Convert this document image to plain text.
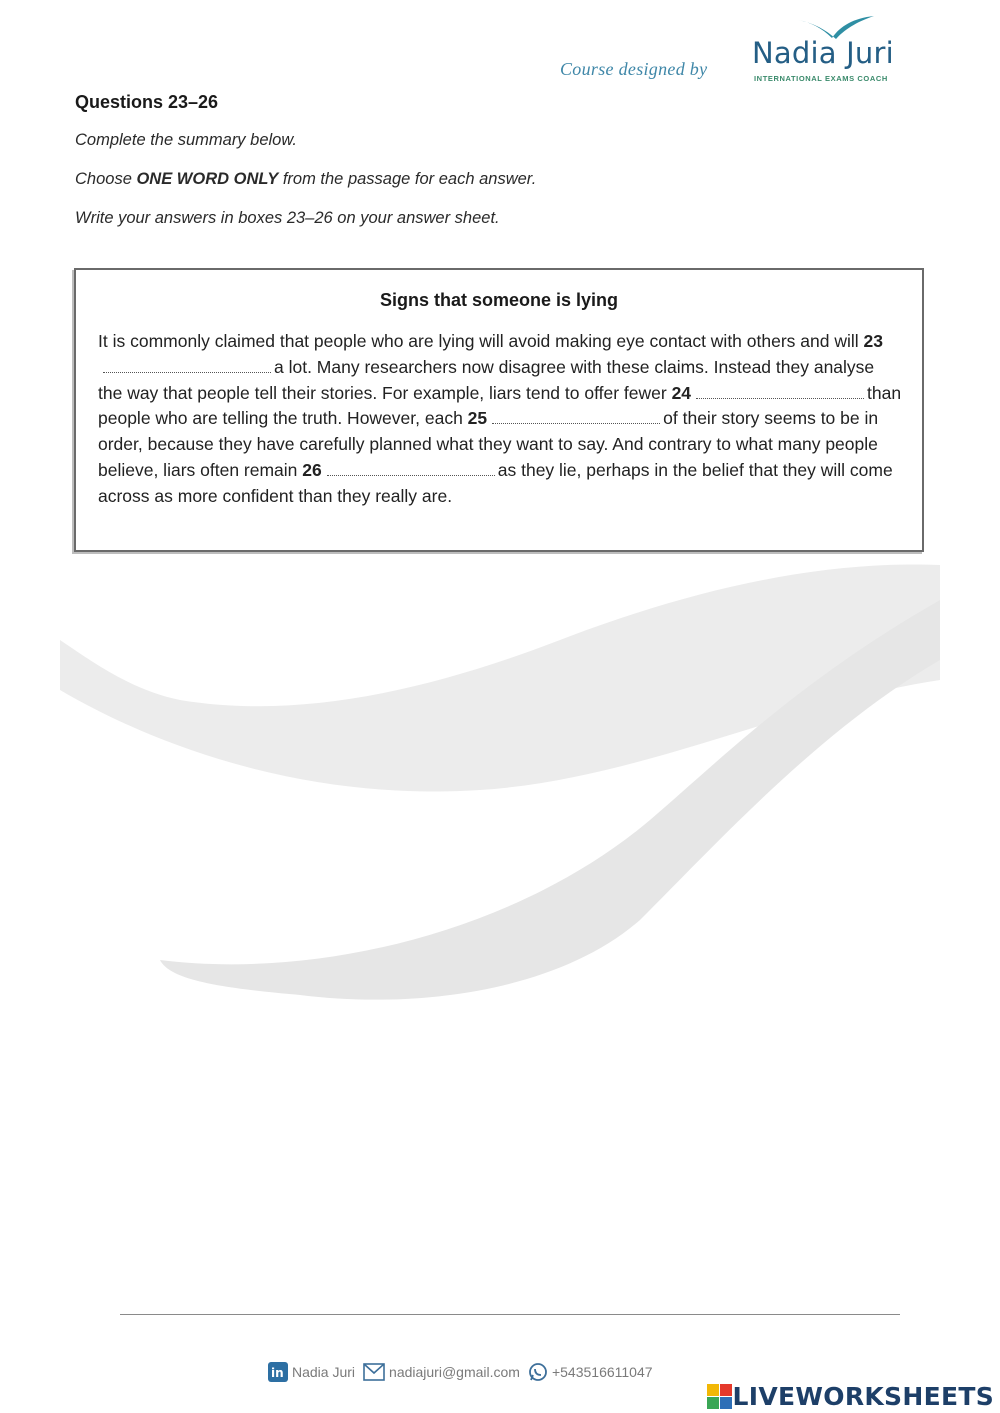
Course designed by Nadia Juri
INTERNATIONAL EXAMS COACH

Questions 23–26

Complete the summary below.

Choose ONE WORD ONLY from the passage for each answer.

Write your answers in boxes 23–26 on your answer sheet.

Signs that someone is lying
It is commonly claimed that people who are lying will avoid making eye contact with others and will 23a lot. Many researchers now disagree with these claims. Instead they analyse the way that people tell their stories. For example, liars tend to offer fewer 24	than people who are telling the truth. However, each 25	of their story seems to be in order, because they have carefully planned what they want to say. And contrary to what many people believe, liars often remain 26	as they lie, perhaps in the belief that they will come across as more confident than they really are.
in Nadia Juri nadiajuri@gmail.com +543516611047
LIVEWORKSHEETS
